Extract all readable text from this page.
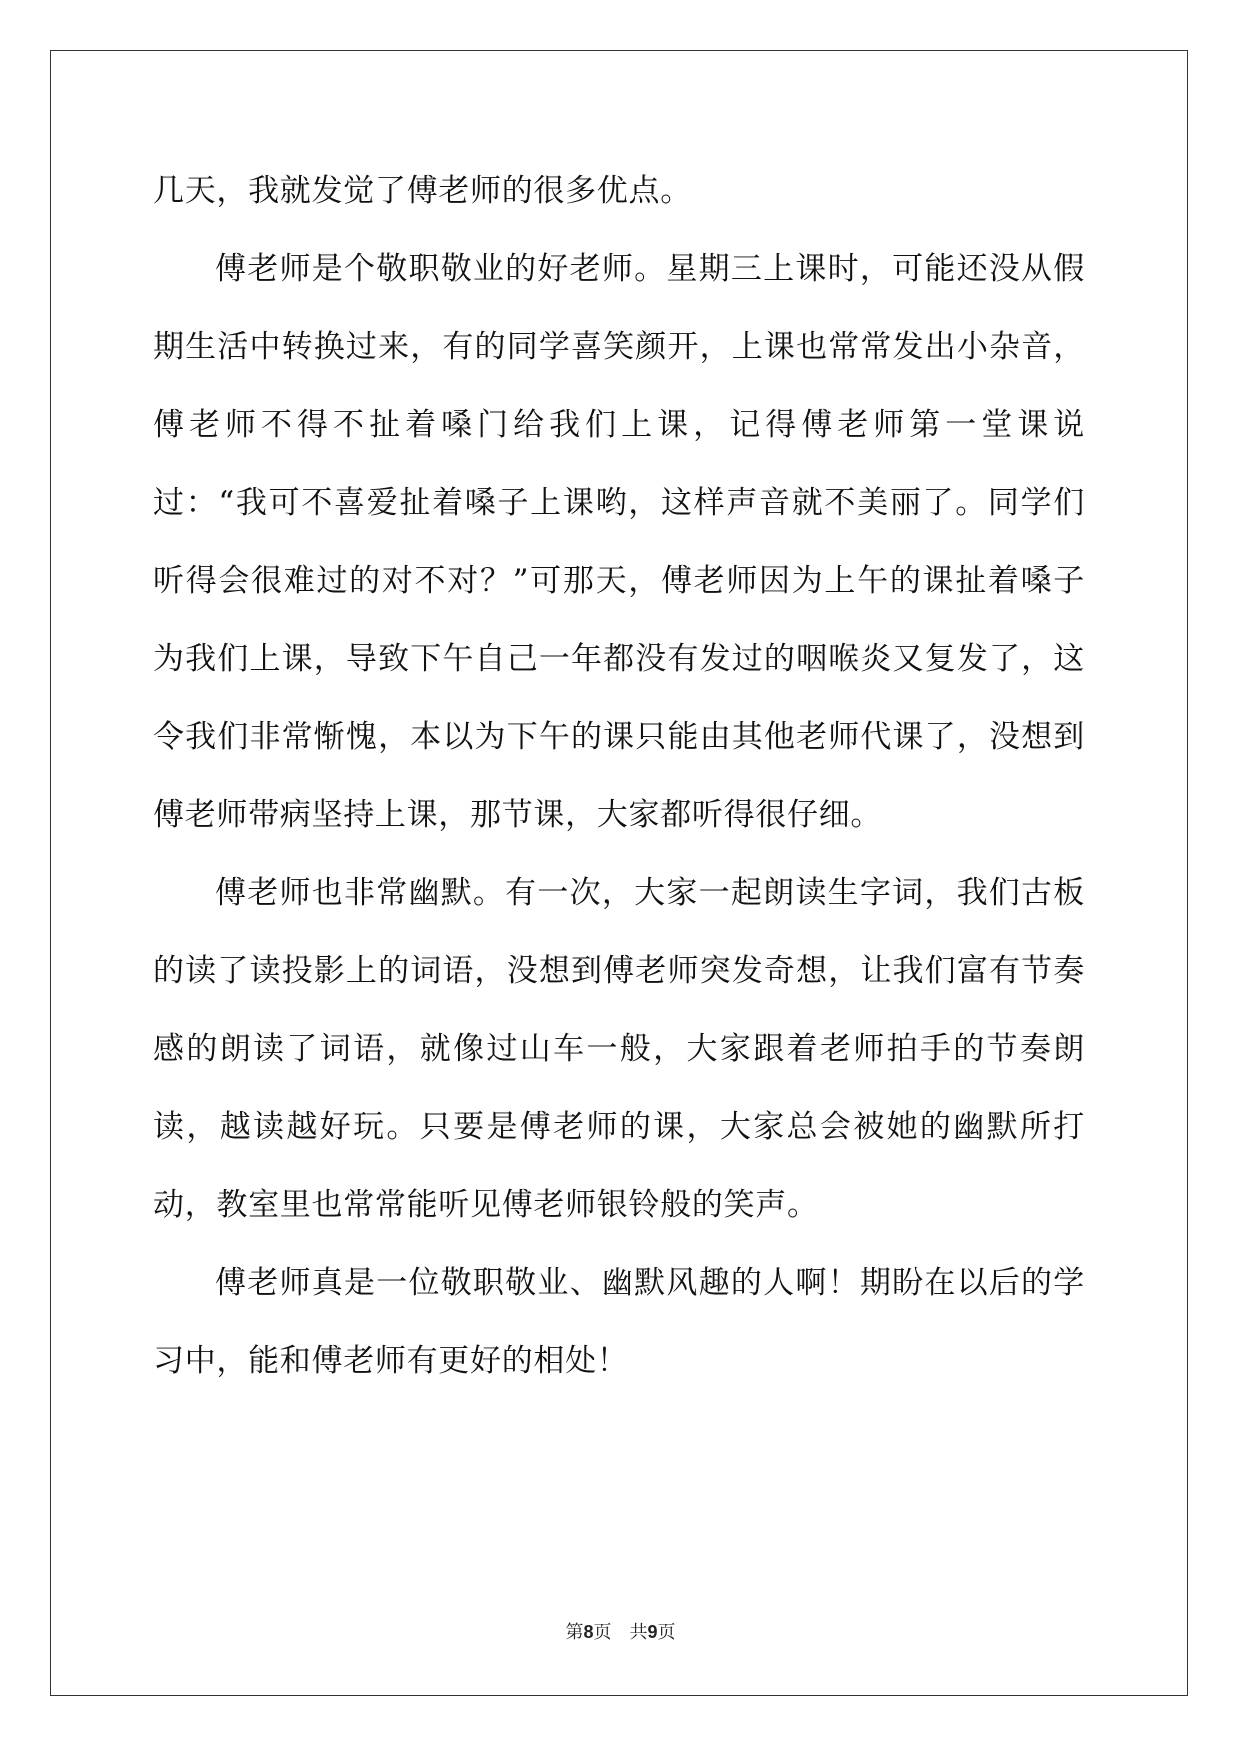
几天，我就发觉了傅老师的很多优点。

傅老师是个敬职敬业的好老师。星期三上课时，可能还没从假期生活中转换过来，有的同学喜笑颜开，上课也常常发出小杂音，傅老师不得不扯着嗓门给我们上课，记得傅老师第一堂课说过：“我可不喜爱扯着嗓子上课哟，这样声音就不美丽了。同学们听得会很难过的对不对？”可那天，傅老师因为上午的课扯着嗓子为我们上课，导致下午自己一年都没有发过的咽喉炎又复发了，这令我们非常惭愧，本以为下午的课只能由其他老师代课了，没想到傅老师带病坚持上课，那节课，大家都听得很仔细。

傅老师也非常幽默。有一次，大家一起朗读生字词，我们古板的读了读投影上的词语，没想到傅老师突发奇想，让我们富有节奏感的朗读了词语，就像过山车一般，大家跟着老师拍手的节奏朗读，越读越好玩。只要是傅老师的课，大家总会被她的幽默所打动，教室里也常常能听见傅老师银铃般的笑声。

傅老师真是一位敬职敬业、幽默风趣的人啊！期盼在以后的学习中，能和傅老师有更好的相处！

第8页 共9页
